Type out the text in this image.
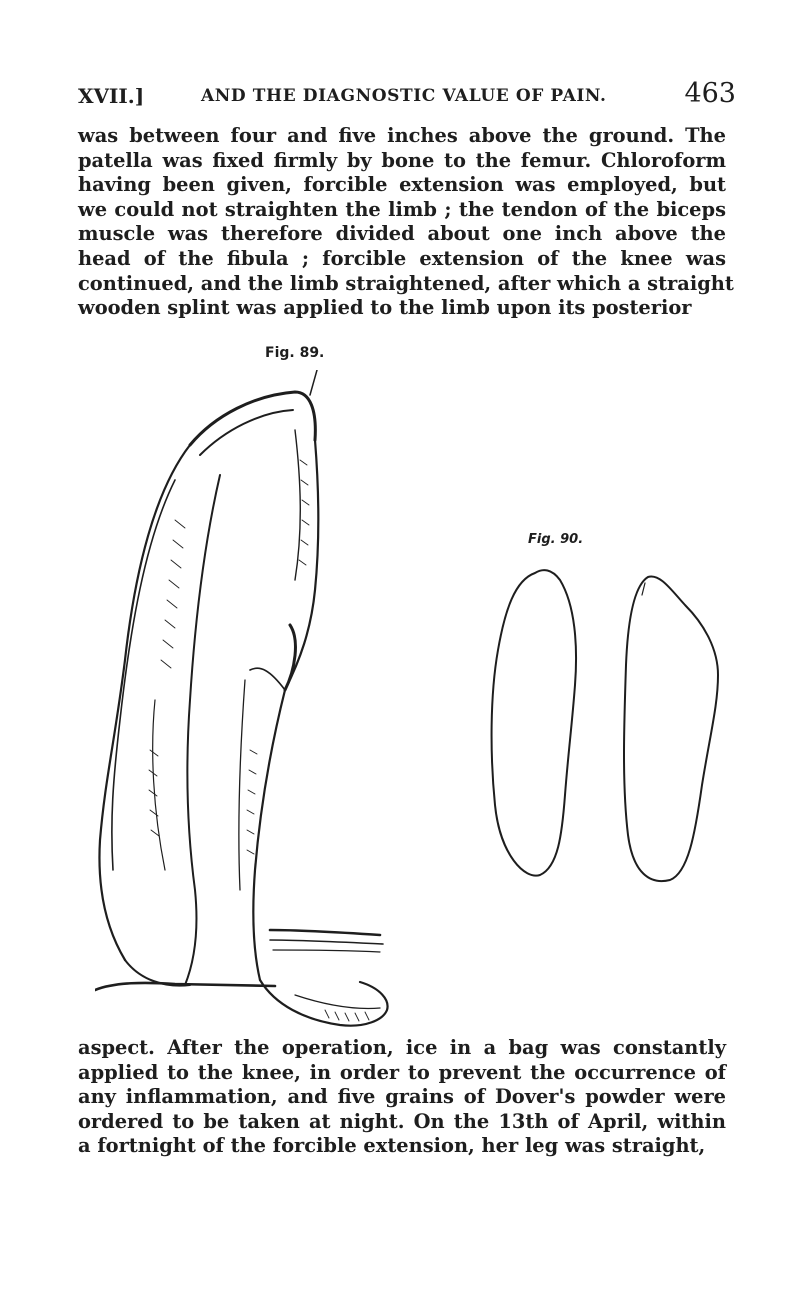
XVII.]	AND THE DIAGNOSTIC VALUE OF PAIN.	463

was between four and five inches above the ground. The
patella was fixed firmly by bone to the femur. Chloroform
having been given, forcible extension was employed, but
we could not straighten the limb ; the tendon of the biceps
muscle was therefore divided about one inch above the
head of the fibula ; forcible extension of the knee was
continued, and the limb straightened, after which a straight
wooden splint was applied to the limb upon its posterior

Fig. 89.
Fig. 90.

aspect. After the operation, ice in a bag was constantly
applied to the knee, in order to prevent the occurrence of
any inflammation, and five grains of Dover's powder were
ordered to be taken at night. On the 13th of April, within
a fortnight of the forcible extension, her leg was straight,
